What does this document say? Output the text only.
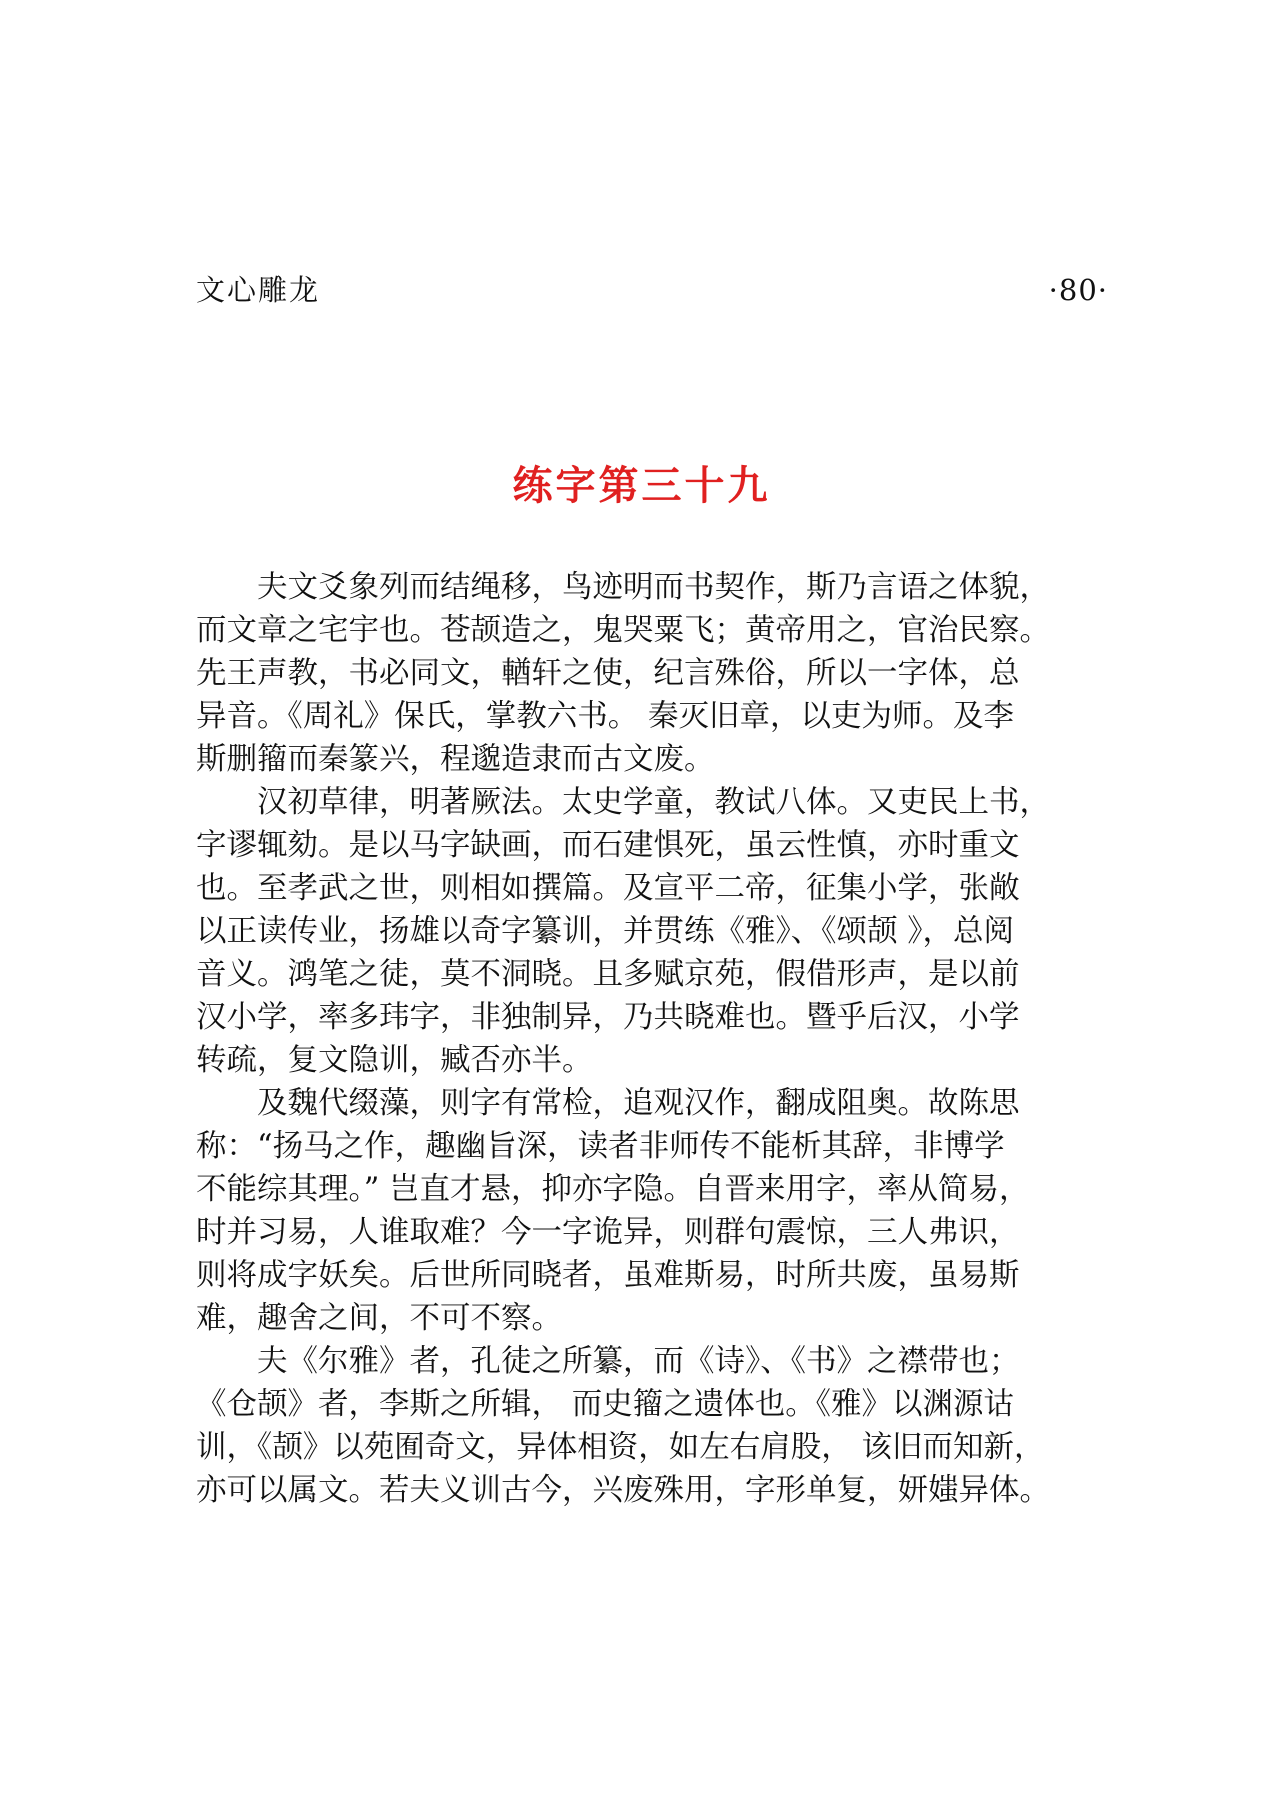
文心雕龙	·80·
练字第三十九
　　夫文爻象列而结绳移，鸟迹明而书契作，斯乃言语之体貌，
而文章之宅宇也。苍颉造之，鬼哭粟飞；黄帝用之，官治民察。
先王声教，书必同文，輶轩之使，纪言殊俗，所以一字体，总
异音。《周礼》保氏，掌教六书。 秦灭旧章，以吏为师。及李
斯删籀而秦篆兴，程邈造隶而古文废。
　　汉初草律，明著厥法。太史学童，教试八体。又吏民上书，
字谬辄劾。是以马字缺画，而石建惧死，虽云性慎，亦时重文
也。至孝武之世，则相如撰篇。及宣平二帝，征集小学，张敞
以正读传业，扬雄以奇字纂训，并贯练《雅》、《颂颉 》，总阅
音义。鸿笔之徒，莫不洞晓。且多赋京苑，假借形声，是以前
汉小学，率多玮字，非独制异，乃共晓难也。暨乎后汉，小学
转疏，复文隐训，臧否亦半。
　　及魏代缀藻，则字有常检，追观汉作，翻成阻奥。故陈思
称：“扬马之作，趣幽旨深，读者非师传不能析其辞，非博学
不能综其理。” 岂直才悬，抑亦字隐。自晋来用字，率从简易，
时并习易，人谁取难？今一字诡异，则群句震惊，三人弗识，
则将成字妖矣。后世所同晓者，虽难斯易，时所共废，虽易斯
难，趣舍之间，不可不察。
　　夫《尔雅》者，孔徒之所纂，而《诗》、《书》之襟带也；
《仓颉》者，李斯之所辑， 而史籀之遗体也。《雅》以渊源诂
训，《颉》以苑囿奇文，异体相资，如左右肩股， 该旧而知新，
亦可以属文。若夫义训古今，兴废殊用，字形单复，妍媸异体。
